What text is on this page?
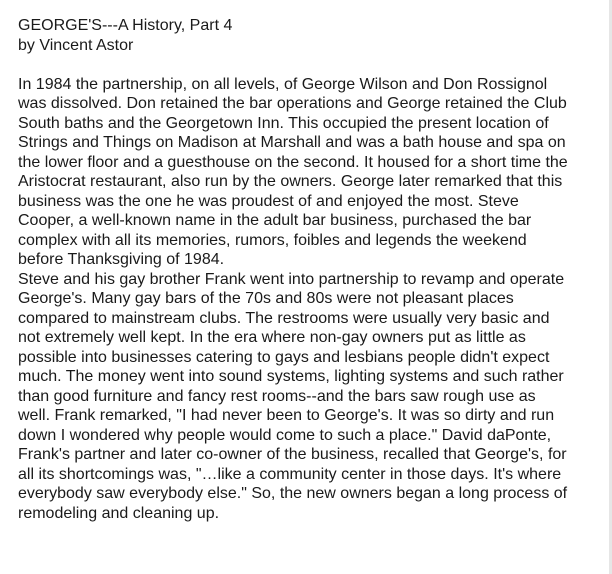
GEORGE'S---A History, Part 4
by Vincent Astor
In 1984 the partnership, on all levels, of George Wilson and Don Rossignol
was dissolved. Don retained the bar operations and George retained the Club
South baths and the Georgetown Inn. This occupied the present location of
Strings and Things on Madison at Marshall and was a bath house and spa on
the lower floor and a guesthouse on the second. It housed for a short time the
Aristocrat restaurant, also run by the owners. George later remarked that this
business was the one he was proudest of and enjoyed the most. Steve
Cooper, a well-known name in the adult bar business, purchased the bar
complex with all its memories, rumors, foibles and legends the weekend
before Thanksgiving of 1984.
Steve and his gay brother Frank went into partnership to revamp and operate
George's. Many gay bars of the 70s and 80s were not pleasant places
compared to mainstream clubs. The restrooms were usually very basic and
not extremely well kept. In the era where non-gay owners put as little as
possible into businesses catering to gays and lesbians people didn't expect
much. The money went into sound systems, lighting systems and such rather
than good furniture and fancy rest rooms--and the bars saw rough use as
well. Frank remarked, "I had never been to George's. It was so dirty and run
down I wondered why people would come to such a place." David daPonte,
Frank's partner and later co-owner of the business, recalled that George's, for
all its shortcomings was, "…like a community center in those days. It's where
everybody saw everybody else." So, the new owners began a long process of
remodeling and cleaning up.
